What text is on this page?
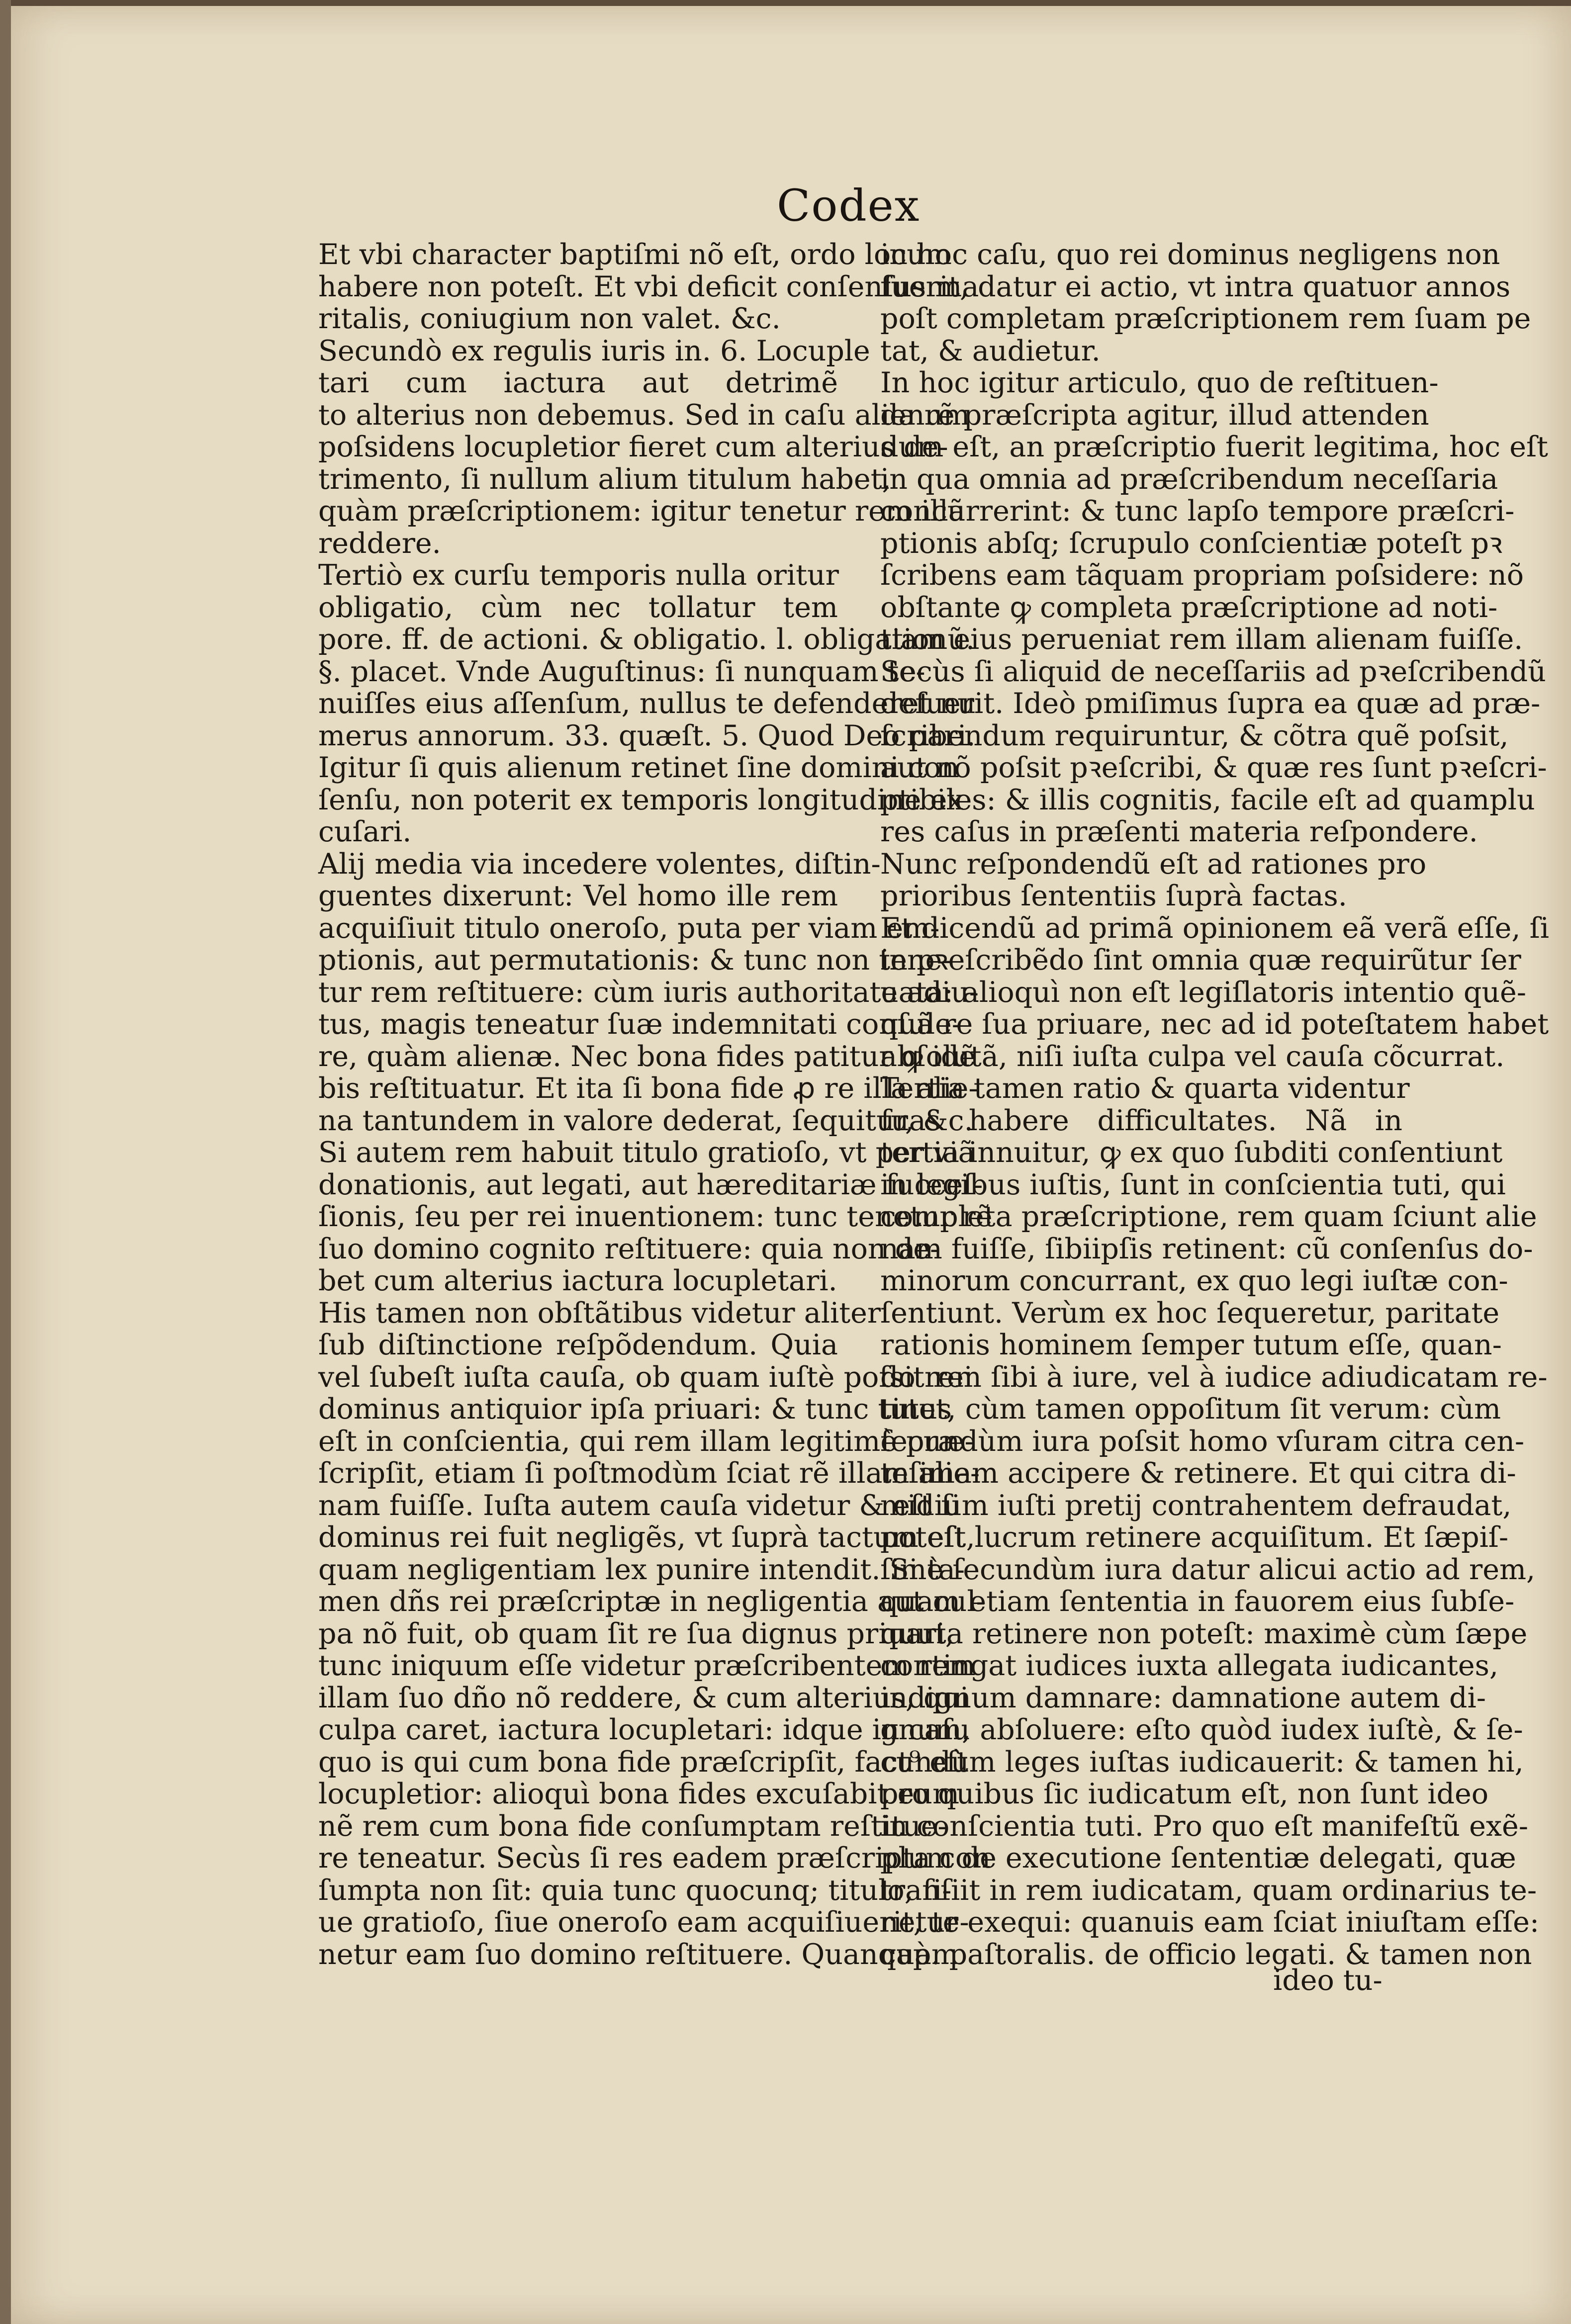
Codex
Et vbi character baptiſmi nõ eſt, ordo locum
habere non poteſt. Et vbi deficit conſenſus ma
ritalis, coniugium non valet. &c.
Secundò ex regulis iuris in. 6. Locuple
tari cum iactura aut detrimẽ
to alterius non debemus. Sed in caſu alienum
poſsidens locupletior fieret cum alterius de-
trimento, ſi nullum alium titulum habet,
quàm præſcriptionem: igitur tenetur rem illã
reddere.
Tertiò ex curſu temporis nulla oritur
obligatio, cùm nec tollatur tem
pore. ff. de actioni. & obligatio. l. obligationũ.
§. placet. Vnde Auguſtinus: ſi nunquam te-
nuiſſes eius aſſenſum, nullus te defenderet nu
merus annorum. 33. quæſt. 5. Quod Deo pari.
Igitur ſi quis alienum retinet ſine domini con
ſenſu, non poterit ex temporis longitudine ex
cuſari.
Alij media via incedere volentes, diſtin-
guentes dixerunt: Vel homo ille rem
acquiſiuit titulo oneroſo, puta per viam em-
ptionis, aut permutationis: & tunc non tene-
tur rem reſtituere: cùm iuris authoritate adiu-
tus, magis teneatur ſuæ indemnitati conſule-
re, quàm alienæ. Nec bona fides patitur ꝙ idẽ
bis reſtituatur. Et ita ſi bona fide ꝓ re illa alie-
na tantundem in valore dederat, ſequitur, &c.
Si autem rem habuit titulo gratioſo, vt per viã
donationis, aut legati, aut hæreditariæ ſucceſ-
ſionis, ſeu per rei inuentionem: tunc tenetur rẽ
ſuo domino cognito reſtituere: quia non de-
bet cum alterius iactura locupletari.
His tamen non obſtãtibus videtur aliter
ſub diſtinctione reſpõdendum. Quia
vel ſubeſt iuſta cauſa, ob quam iuſtè poſsit rei
dominus antiquior ipſa priuari: & tunc tutus
eſt in conſcientia, qui rem illam legitimè præ-
ſcripſit, etiam ſi poſtmodùm ſciat rẽ illam alie-
nam fuiſſe. Iuſta autem cauſa videtur & eſt ſi
dominus rei fuit negligẽs, vt ſuprà tactum eſt,
quam negligentiam lex punire intendit. Si ta-
men dñs rei præſcriptæ in negligentia aut cul-
pa nõ fuit, ob quam ſit re ſua dignus priuari,
tunc iniquum eſſe videtur præſcribentem rem
illam ſuo dño nõ reddere, & cum alterius, qui
culpa caret, iactura locupletari: idque in caſu
quo is qui cum bona fide præſcripſit, fact⁹ eſt
locupletior: alioquì bona fides excuſabit eum
nẽ rem cum bona fide conſumptam reſtitue-
re teneatur. Secùs ſi res eadem præſcripta con
ſumpta non ſit: quia tunc quocunq; titulo, ſi-
ue gratioſo, ſiue oneroſo eam acquiſiuerit, te-
netur eam ſuo domino reſtituere. Quanquàm
in hoc caſu, quo rei dominus negligens non
fuerit, datur ei actio, vt intra quatuor annos
poſt completam præſcriptionem rem ſuam pe
tat, & audietur.
In hoc igitur articulo, quo de reſtituen-
da rẽ præſcripta agitur, illud attenden
dum eſt, an præſcriptio fuerit legitima, hoc eſt
in qua omnia ad præſcribendum neceſſaria
concurrerint: & tunc lapſo tempore præſcri-
ptionis abſq; ſcrupulo conſcientiæ poteſt pꝛ
ſcribens eam tãquam propriam poſsidere: nõ
obſtante ꝙ completa præſcriptione ad noti-
tiam eius perueniat rem illam alienam fuiſſe.
Secùs ſi aliquid de neceſſariis ad pꝛeſcribendũ
defuerit. Ideò pmiſimus ſupra ea quæ ad præ-
ſcribendum requiruntur, & cõtra quẽ poſsit,
aut nõ poſsit pꝛeſcribi, & quæ res ſunt pꝛeſcri-
ptibiles: & illis cognitis, facile eſt ad quamplu
res caſus in præſenti materia reſpondere.
Nunc reſpondendũ eſt ad rationes pro
prioribus ſententiis ſuprà factas.
Et dicendũ ad primã opinionem eã verã eſſe, ſi
in pꝛeſcribẽdo ſint omnia quæ requirũtur ſer
uata: alioquì non eſt legiſlatoris intentio quẽ-
quã re ſua priuare, nec ad id poteſtatem habet
abſolutã, niſi iuſta culpa vel cauſa cõcurrat.
Tertia tamen ratio & quarta videntur
ſuas habere difficultates. Nã in
tertia innuitur, ꝙ ex quo ſubditi conſentiunt
in legibus iuſtis, ſunt in conſcientia tuti, qui
completa præſcriptione, rem quam ſciunt alie
nam fuiſſe, ſibiipſis retinent: cũ conſenſus do-
minorum concurrant, ex quo legi iuſtæ con-
ſentiunt. Verùm ex hoc ſequeretur, paritate
rationis hominem ſemper tutum eſſe, quan-
do rem ſibi à iure, vel à iudice adiudicatam re-
tinet, cùm tamen oppoſitum ſit verum: cùm
ſecundùm iura poſsit homo vſuram citra cen-
teſimam accipere & retinere. Et qui citra di-
midium iuſti pretij contrahentem defraudat,
poteſt lucrum retinere acquiſitum. Et ſæpiſ-
ſimè ſecundùm iura datur alicui actio ad rem,
quam etiam ſententia in fauorem eius ſubſe-
quuta retinere non poteſt: maximè cùm ſæpe
contingat iudices iuxta allegata iudicantes,
indignum damnare: damnatione autem di-
gnum, abſoluere: eſto quòd iudex iuſtè, & ſe-
cundùm leges iuſtas iudicauerit: & tamen hi,
pro quibus ſic iudicatum eſt, non ſunt ideo
in conſcientia tuti. Pro quo eſt manifeſtũ exẽ-
plum de executione ſententiæ delegati, quæ
tranſiit in rem iudicatam, quam ordinarius te-
netur exequi: quanuis eam ſciat iniuſtam eſſe:
cap. paſtoralis. de officio legati. & tamen non
ideo tu-
